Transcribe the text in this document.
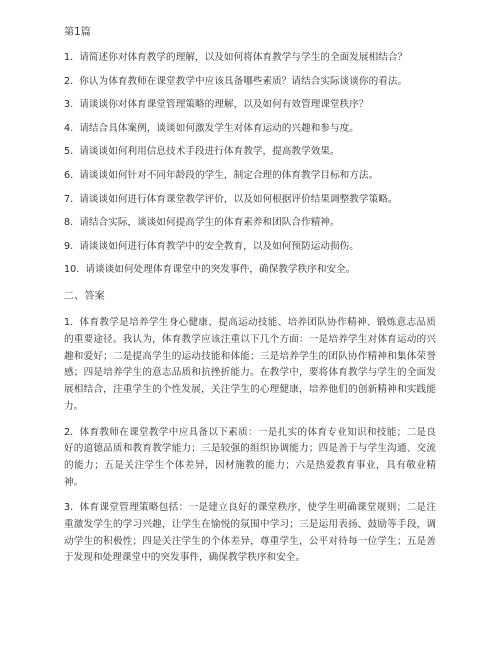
第1篇
1. 请简述你对体育教学的理解，以及如何将体育教学与学生的全面发展相结合？
2. 你认为体育教师在课堂教学中应该具备哪些素质？请结合实际谈谈你的看法。
3. 请谈谈你对体育课堂管理策略的理解，以及如何有效管理课堂秩序？
4. 请结合具体案例，谈谈如何激发学生对体育运动的兴趣和参与度。
5. 请谈谈如何利用信息技术手段进行体育教学，提高教学效果。
6. 请谈谈如何针对不同年龄段的学生，制定合理的体育教学目标和方法。
7. 请谈谈如何进行体育课堂教学评价，以及如何根据评价结果调整教学策略。
8. 请结合实际，谈谈如何提高学生的体育素养和团队合作精神。
9. 请谈谈如何进行体育教学中的安全教育，以及如何预防运动损伤。
10. 请谈谈如何处理体育课堂中的突发事件，确保教学秩序和安全。
二、答案

1. 体育教学是培养学生身心健康、提高运动技能、培养团队协作精神、锻炼意志品质的重要途径。我认为，体育教学应该注重以下几个方面：一是培养学生对体育运动的兴趣和爱好；二是提高学生的运动技能和体能；三是培养学生的团队协作精神和集体荣誉感；四是培养学生的意志品质和抗挫折能力。在教学中，要将体育教学与学生的全面发展相结合，注重学生的个性发展，关注学生的心理健康，培养他们的创新精神和实践能力。

2. 体育教师在课堂教学中应具备以下素质：一是扎实的体育专业知识和技能；二是良好的道德品质和教育教学能力；三是较强的组织协调能力；四是善于与学生沟通、交流的能力；五是关注学生个体差异，因材施教的能力；六是热爱教育事业，具有敬业精神。

3. 体育课堂管理策略包括：一是建立良好的课堂秩序，使学生明确课堂规则；二是注重激发学生的学习兴趣，让学生在愉悦的氛围中学习；三是运用表扬、鼓励等手段，调动学生的积极性；四是关注学生的个体差异，尊重学生，公平对待每一位学生；五是善于发现和处理课堂中的突发事件，确保教学秩序和安全。
